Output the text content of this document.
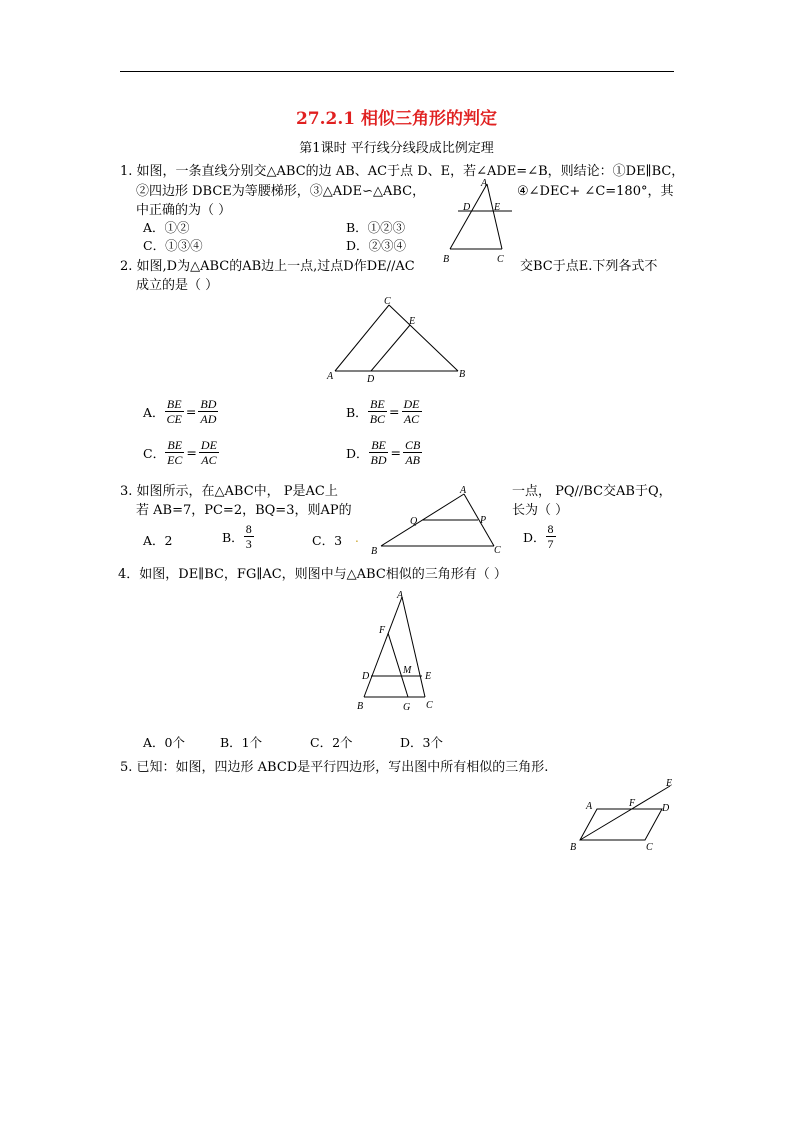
27.2.1 相似三角形的判定
第1课时 平行线分线段成比例定理
1. 如图，一条直线分别交△ABC的边 AB、AC于点 D、E，若∠ADE=∠B，则结论：①DE∥BC，
②四边形 DBCE为等腰梯形，③△ADE∽△ABC，	④∠DEC+ ∠C=180°，其
中正确的为（ ）
A．①②	B．①②③
C．①③④	D．②③④
A
D E
B	C
2. 如图,D为△ABC的AB边上一点,过点D作DE//AC	交BC于点E.下列各式不
成立的是（ ）
C
E
A	D	B
A． $\frac{BE}{CE} = \frac{BD}{AD}$	B． $\frac{BE}{BC} = \frac{DE}{AC}$
C． $\frac{BE}{EC} = \frac{DE}{AC}$	D． $\frac{BE}{BD} = \frac{CB}{AB}$
3. 如图所示，在△ABC中， P是AC上	一点， PQ//BC交AB于Q，
若 AB=7，PC=2，BQ=3，则AP的	长为（ ）
A
Q	P
B	C
A．2	B． $\frac{8}{3}$	C．3 .	D． $\frac{8}{7}$
4．如图，DE∥BC，FG∥AC，则图中与△ABC相似的三角形有（ ）
A
F
M
D	E
B	G C
A．0个	B．1个	C．2个	D．3个
5. 已知：如图，四边形 ABCD是平行四边形，写出图中所有相似的三角形.
E
A	F	D
B	C
